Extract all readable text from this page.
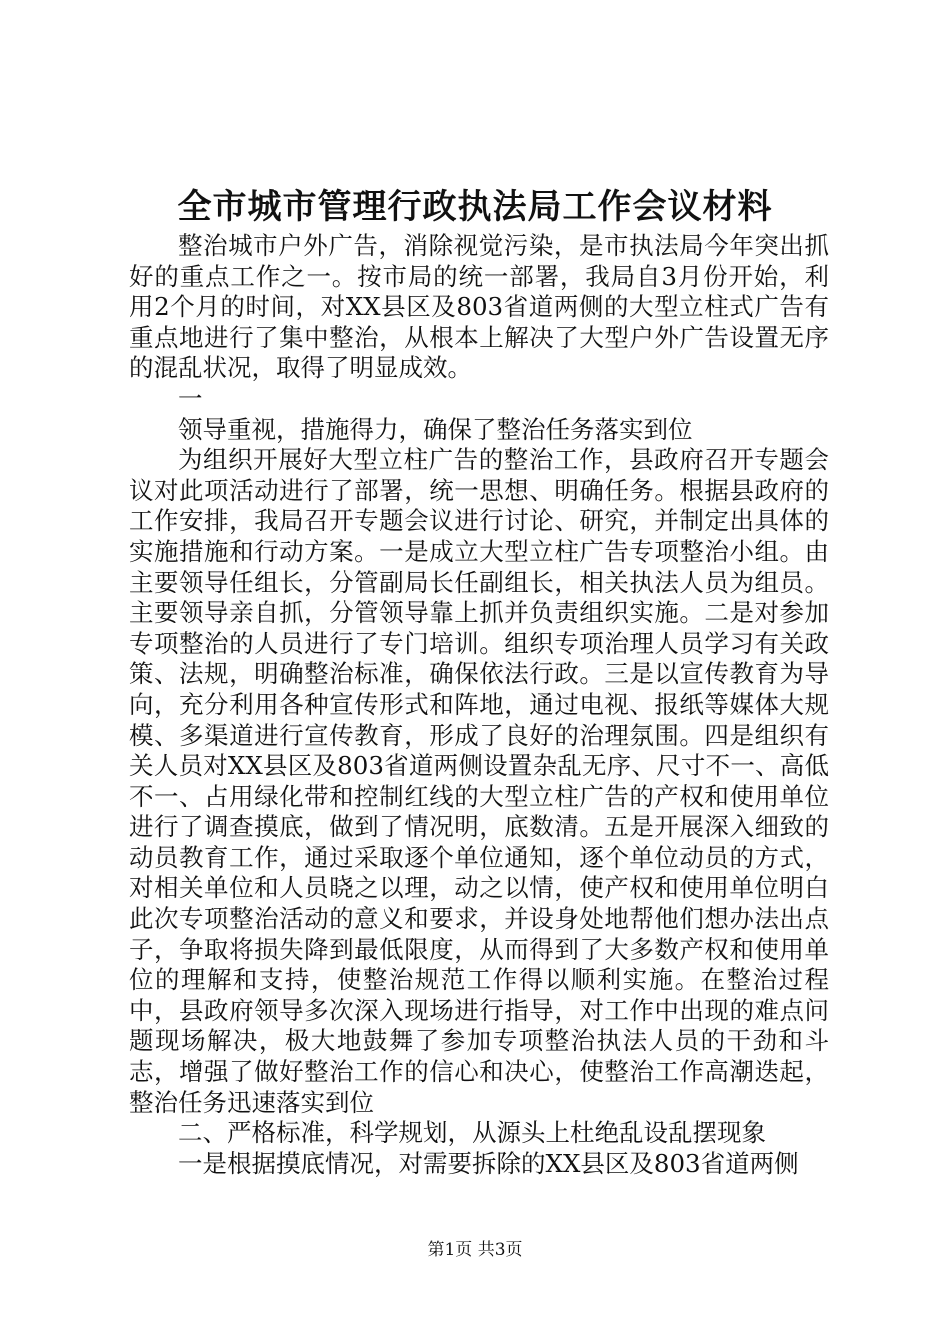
全市城市管理行政执法局工作会议材料

整治城市户外广告，消除视觉污染，是市执法局今年突出抓好的重点工作之一。按市局的统一部署，我局自3月份开始，利用2个月的时间，对XX县区及803省道两侧的大型立柱式广告有重点地进行了集中整治，从根本上解决了大型户外广告设置无序的混乱状况，取得了明显成效。

一

领导重视，措施得力，确保了整治任务落实到位

为组织开展好大型立柱广告的整治工作，县政府召开专题会议对此项活动进行了部署，统一思想、明确任务。根据县政府的工作安排，我局召开专题会议进行讨论、研究，并制定出具体的实施措施和行动方案。一是成立大型立柱广告专项整治小组。由主要领导任组长，分管副局长任副组长，相关执法人员为组员。主要领导亲自抓，分管领导靠上抓并负责组织实施。二是对参加专项整治的人员进行了专门培训。组织专项治理人员学习有关政策、法规，明确整治标准，确保依法行政。三是以宣传教育为导向，充分利用各种宣传形式和阵地，通过电视、报纸等媒体大规模、多渠道进行宣传教育，形成了良好的治理氛围。四是组织有关人员对XX县区及803省道两侧设置杂乱无序、尺寸不一、高低不一、占用绿化带和控制红线的大型立柱广告的产权和使用单位进行了调查摸底，做到了情况明，底数清。五是开展深入细致的动员教育工作，通过采取逐个单位通知，逐个单位动员的方式，对相关单位和人员晓之以理，动之以情，使产权和使用单位明白此次专项整治活动的意义和要求，并设身处地帮他们想办法出点子，争取将损失降到最低限度，从而得到了大多数产权和使用单位的理解和支持，使整治规范工作得以顺利实施。在整治过程中，县政府领导多次深入现场进行指导，对工作中出现的难点问题现场解决，极大地鼓舞了参加专项整治执法人员的干劲和斗志，增强了做好整治工作的信心和决心，使整治工作高潮迭起，整治任务迅速落实到位

二、严格标准，科学规划，从源头上杜绝乱设乱摆现象

一是根据摸底情况，对需要拆除的XX县区及803省道两侧

第1页 共3页
